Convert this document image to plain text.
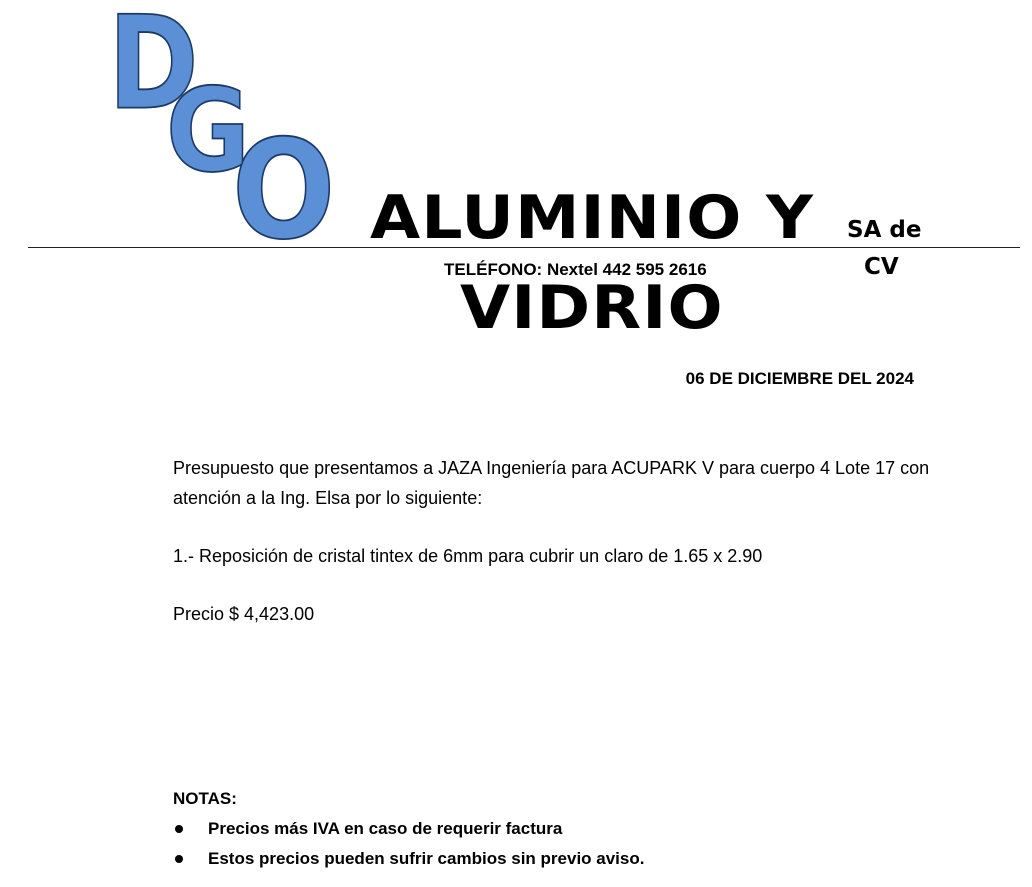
D
G
O ALUMINIO Y SA de
TELÉFONO: Nextel 442 595 2616	CV
VIDRIO
06 DE DICIEMBRE DEL 2024
Presupuesto que presentamos a JAZA Ingeniería para ACUPARK V para cuerpo 4 Lote 17 con atención a la Ing. Elsa por lo siguiente:
1.- Reposición de cristal tintex de 6mm para cubrir un claro de 1.65 x 2.90
Precio $ 4,423.00
NOTAS:
Precios más IVA en caso de requerir factura
Estos precios pueden sufrir cambios sin previo aviso.
